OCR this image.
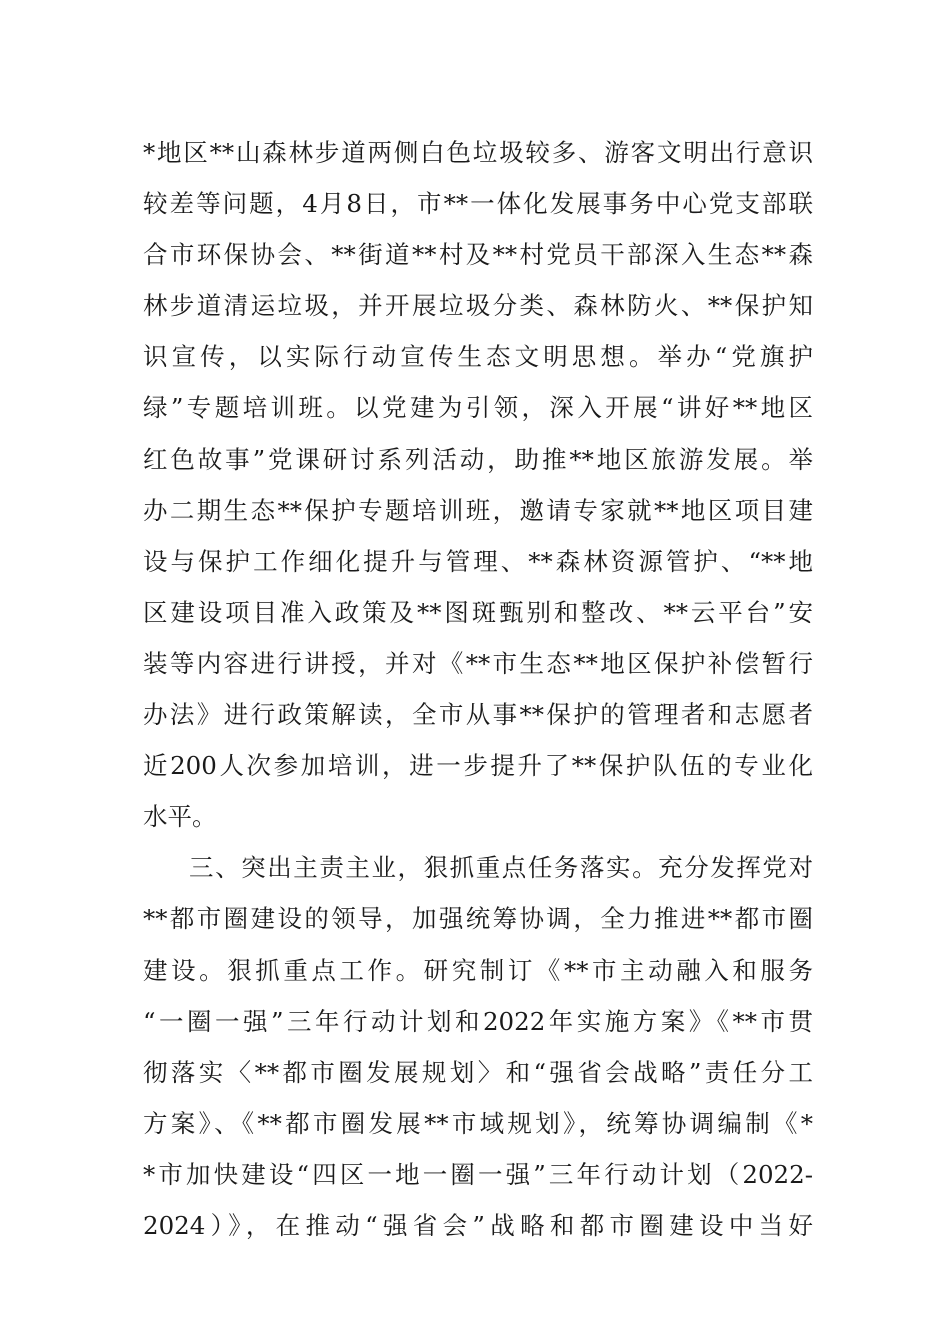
*地区**山森林步道两侧白色垃圾较多、游客文明出行意识
较差等问题，4月8日，市**一体化发展事务中心党支部联
合市环保协会、**街道**村及**村党员干部深入生态**森
林步道清运垃圾，并开展垃圾分类、森林防火、**保护知
识宣传，以实际行动宣传生态文明思想。举办“党旗护
绿”专题培训班。以党建为引领，深入开展“讲好**地区
红色故事”党课研讨系列活动，助推**地区旅游发展。举
办二期生态**保护专题培训班，邀请专家就**地区项目建
设与保护工作细化提升与管理、**森林资源管护、“**地
区建设项目准入政策及**图斑甄别和整改、**云平台”安
装等内容进行讲授，并对《**市生态**地区保护补偿暂行
办法》进行政策解读，全市从事**保护的管理者和志愿者
近200人次参加培训，进一步提升了**保护队伍的专业化
水平。
三、突出主责主业，狠抓重点任务落实。充分发挥党对
**都市圈建设的领导，加强统筹协调，全力推进**都市圈
建设。狠抓重点工作。研究制订《**市主动融入和服务
“一圈一强”三年行动计划和2022年实施方案》《**市贯
彻落实〈**都市圈发展规划〉和“强省会战略”责任分工
方案》、《**都市圈发展**市域规划》，统筹协调编制《*
*市加快建设“四区一地一圈一强”三年行动计划（2022-
2024）》，在推动“强省会”战略和都市圈建设中当好
